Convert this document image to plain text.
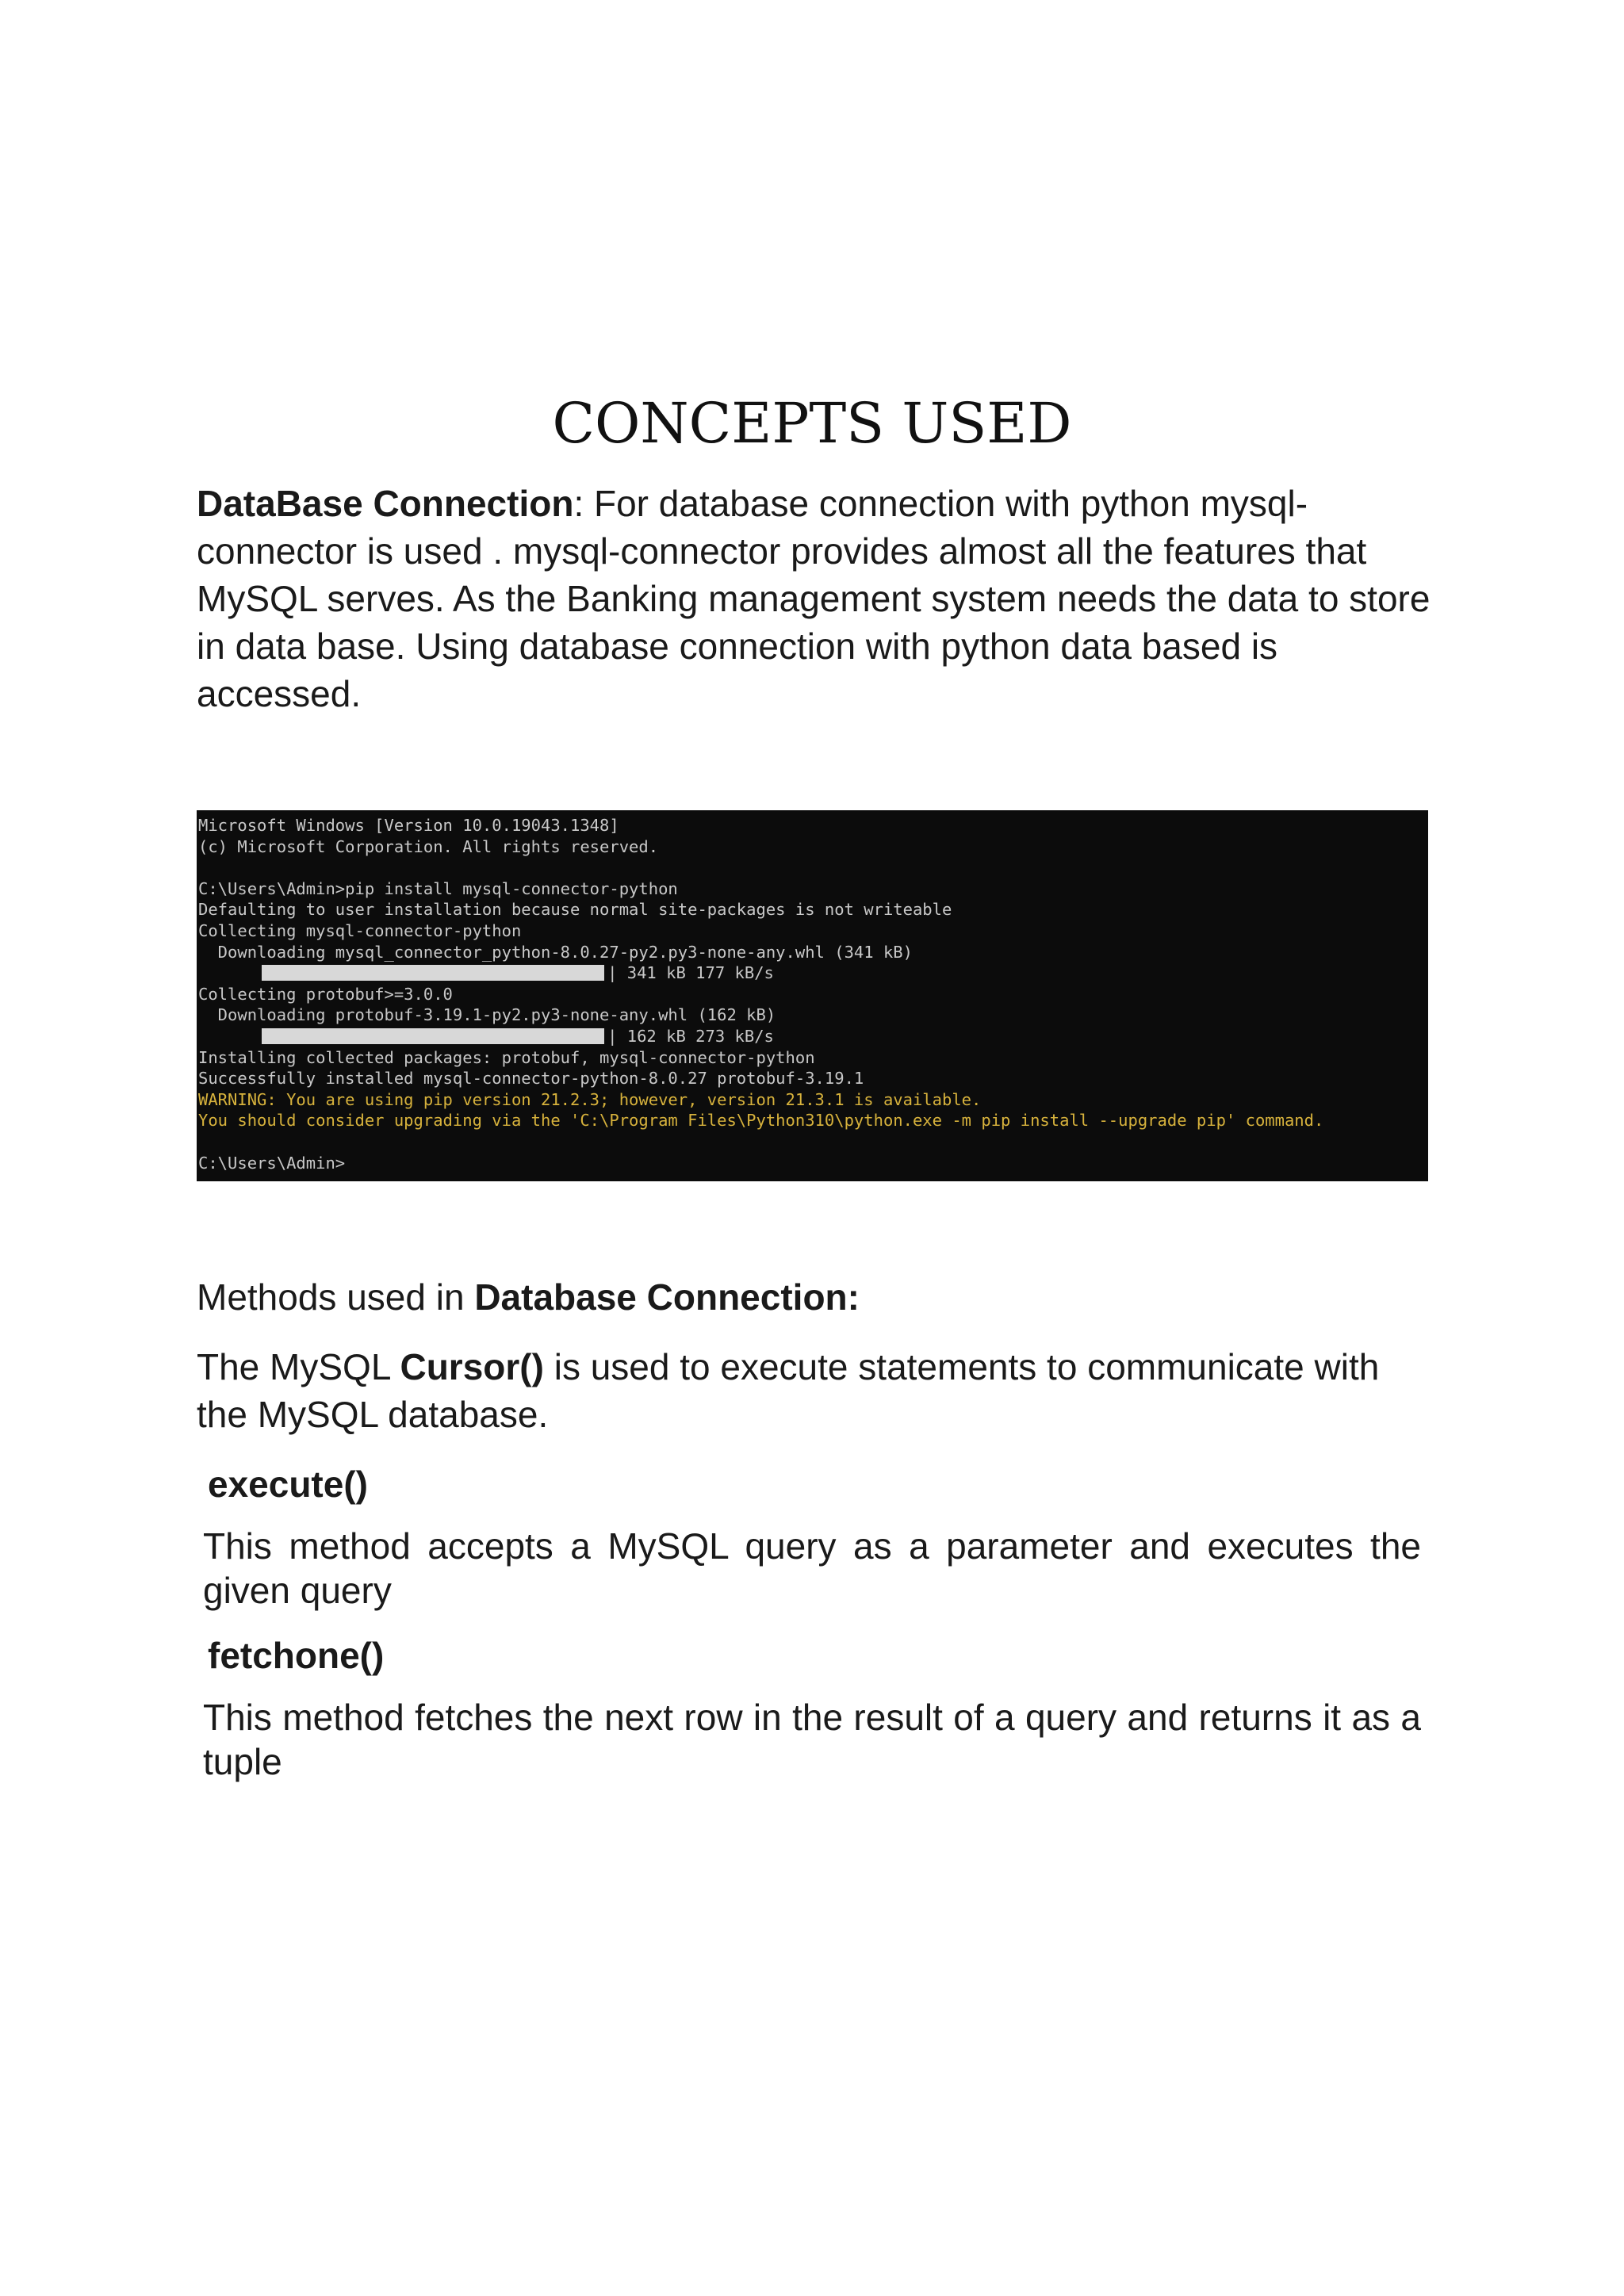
CONCEPTS USED

DataBase Connection: For database connection with python mysql-connector is used . mysql-connector provides almost all the features that MySQL serves. As the Banking management system needs the data to store in data base. Using database connection with python data based is accessed.

Microsoft Windows [Version 10.0.19043.1348]
(c) Microsoft Corporation. All rights reserved.
C:\Users\Admin>pip install mysql-connector-python
Defaulting to user installation because normal site-packages is not writeable
Collecting mysql-connector-python
Downloading mysql_connector_python-8.0.27-py2.py3-none-any.whl (341 kB)
| 341 kB 177 kB/s
Collecting protobuf>=3.0.0
Downloading protobuf-3.19.1-py2.py3-none-any.whl (162 kB)
| 162 kB 273 kB/s
Installing collected packages: protobuf, mysql-connector-python
Successfully installed mysql-connector-python-8.0.27 protobuf-3.19.1
WARNING: You are using pip version 21.2.3; however, version 21.3.1 is available.
You should consider upgrading via the 'C:\Program Files\Python310\python.exe -m pip install --upgrade pip' command.
C:\Users\Admin>

Methods used in Database Connection:

The MySQL Cursor() is used to execute statements to communicate with the MySQL database.

execute()

This method accepts a MySQL query as a parameter and executes the given query

fetchone()

This method fetches the next row in the result of a query and returns it as a tuple
